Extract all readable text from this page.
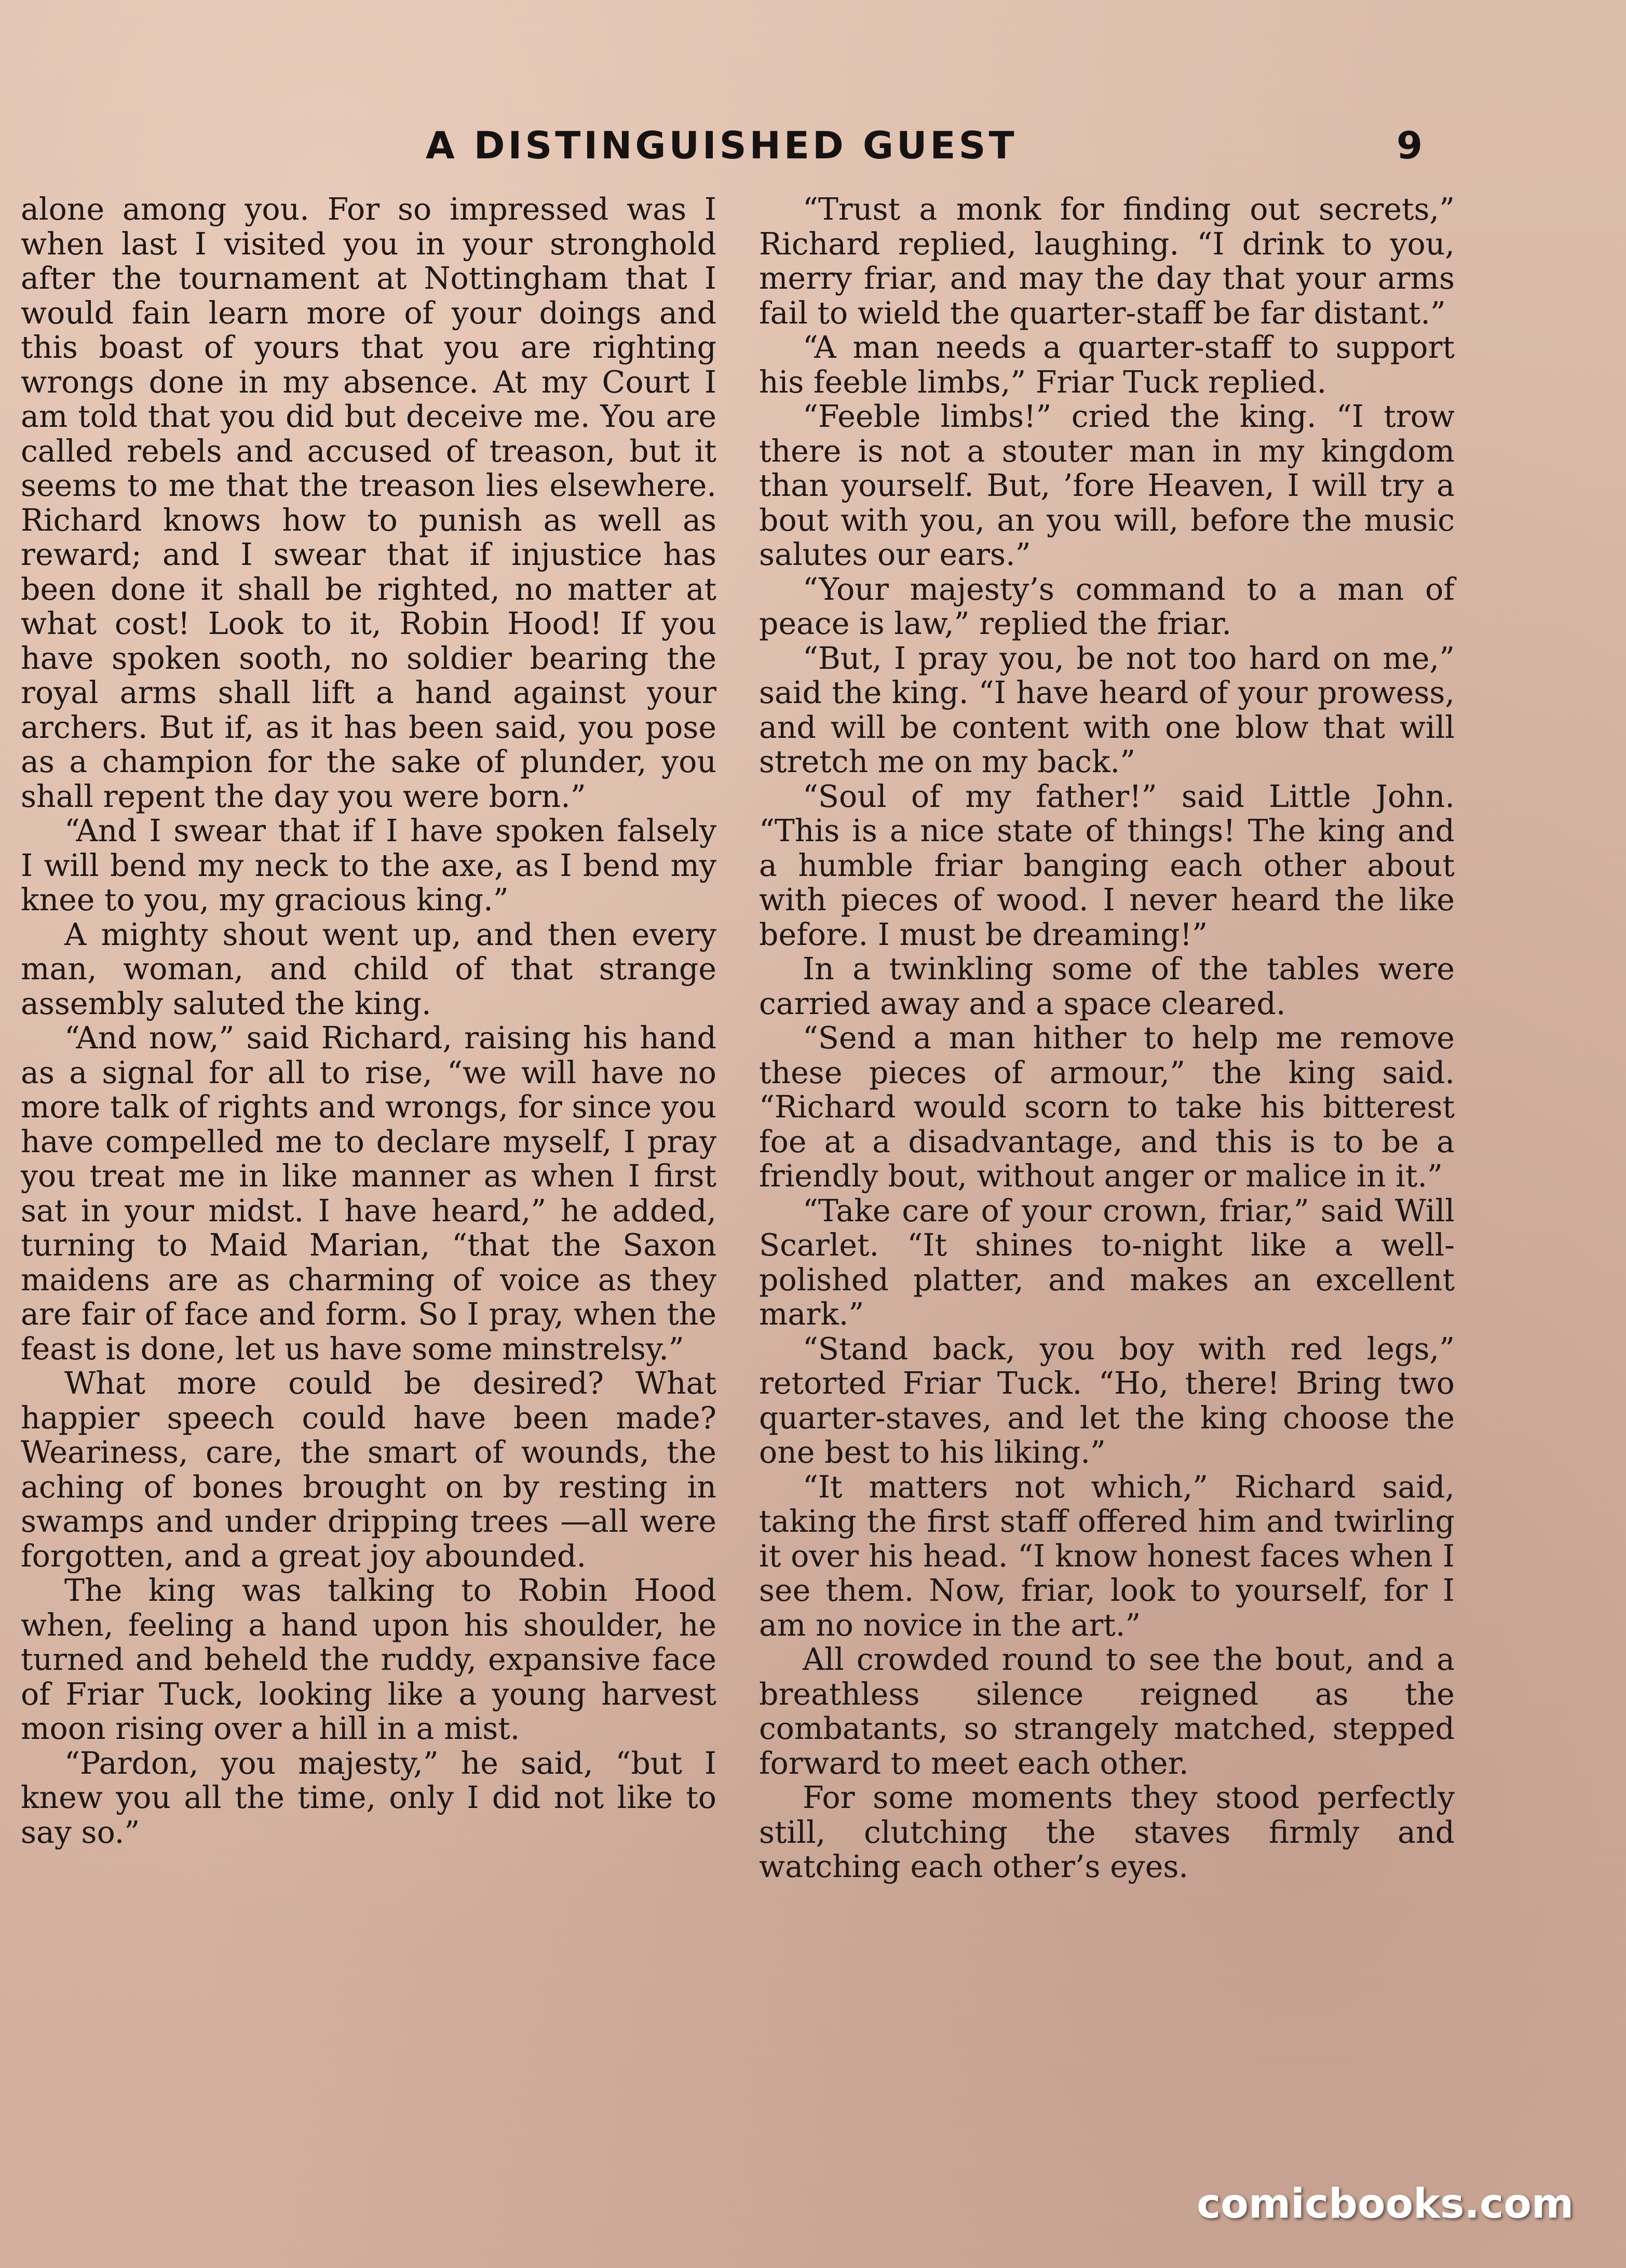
A DISTINGUISHED GUEST	9

alone among you. For so impressed was I when last I visited you in your stronghold after the tournament at Nottingham that I would fain learn more of your doings and this boast of yours that you are righting wrongs done in my absence. At my Court I am told that you did but deceive me. You are called rebels and accused of treason, but it seems to me that the treason lies elsewhere. Richard knows how to punish as well as reward; and I swear that if injustice has been done it shall be righted, no matter at what cost! Look to it, Robin Hood! If you have spoken sooth, no soldier bearing the royal arms shall lift a hand against your archers. But if, as it has been said, you pose as a champion for the sake of plunder, you shall repent the day you were born.”

“And I swear that if I have spoken falsely I will bend my neck to the axe, as I bend my knee to you, my gracious king.”

A mighty shout went up, and then every man, woman, and child of that strange assembly saluted the king.

“And now,” said Richard, raising his hand as a signal for all to rise, “we will have no more talk of rights and wrongs, for since you have compelled me to declare myself, I pray you treat me in like manner as when I first sat in your midst. I have heard,” he added, turning to Maid Marian, “that the Saxon maidens are as charming of voice as they are fair of face and form. So I pray, when the feast is done, let us have some minstrelsy.”

What more could be desired? What happier speech could have been made? Weariness, care, the smart of wounds, the aching of bones brought on by resting in swamps and under dripping trees —all were forgotten, and a great joy abounded.

The king was talking to Robin Hood when, feeling a hand upon his shoulder, he turned and beheld the ruddy, expansive face of Friar Tuck, looking like a young harvest moon rising over a hill in a mist.

“Pardon, you majesty,” he said, “but I knew you all the time, only I did not like to say so.”

“Trust a monk for finding out secrets,” Richard replied, laughing. “I drink to you, merry friar, and may the day that your arms fail to wield the quarter-staff be far distant.”

“A man needs a quarter-staff to support his feeble limbs,” Friar Tuck replied.

“Feeble limbs!” cried the king. “I trow there is not a stouter man in my kingdom than yourself. But, ’fore Heaven, I will try a bout with you, an you will, before the music salutes our ears.”

“Your majesty’s command to a man of peace is law,” replied the friar.

“But, I pray you, be not too hard on me,” said the king. “I have heard of your prowess, and will be content with one blow that will stretch me on my back.”

“Soul of my father!” said Little John. “This is a nice state of things! The king and a humble friar banging each other about with pieces of wood. I never heard the like before. I must be dreaming!”

In a twinkling some of the tables were carried away and a space cleared.

“Send a man hither to help me remove these pieces of armour,” the king said. “Richard would scorn to take his bitterest foe at a disadvantage, and this is to be a friendly bout, without anger or malice in it.”

“Take care of your crown, friar,” said Will Scarlet. “It shines to-night like a well-polished platter, and makes an excellent mark.”

“Stand back, you boy with red legs,” retorted Friar Tuck. “Ho, there! Bring two quarter-staves, and let the king choose the one best to his liking.”

“It matters not which,” Richard said, taking the first staff offered him and twirling it over his head. “I know honest faces when I see them. Now, friar, look to yourself, for I am no novice in the art.”

All crowded round to see the bout, and a breathless silence reigned as the combatants, so strangely matched, stepped forward to meet each other.

For some moments they stood perfectly still, clutching the staves firmly and watching each other’s eyes.

comicbooks.com
